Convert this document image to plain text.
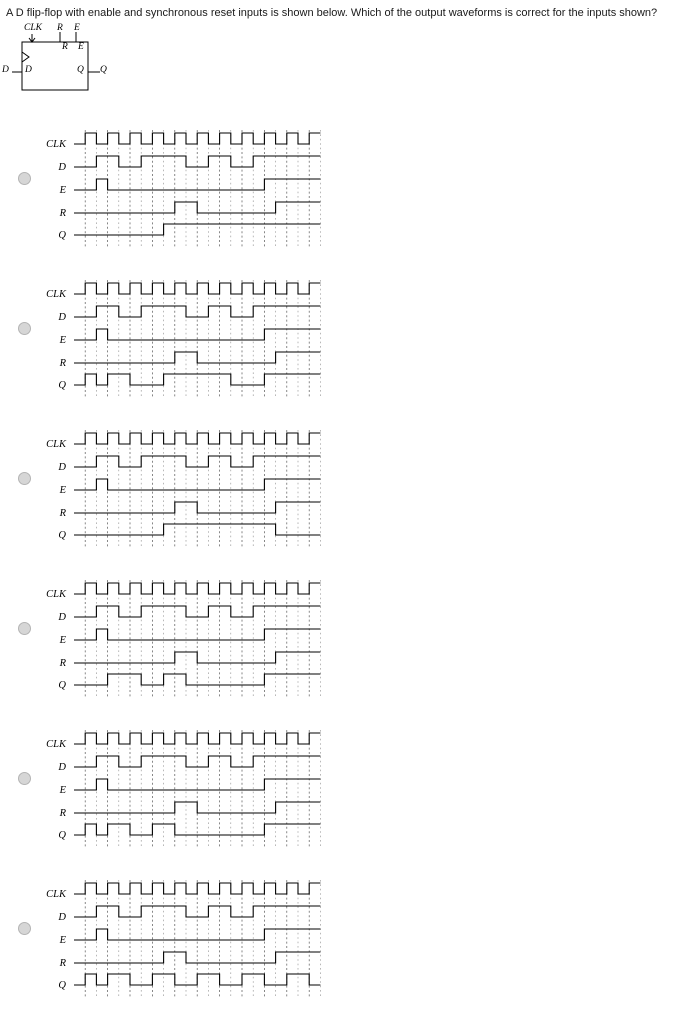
A D flip-flop with enable and synchronous reset inputs is shown below. Which of the output waveforms is correct for the inputs shown?
CLK R E
R E
D D	Q Q
CLK
D
E
R
Q
CLK
D
E
R
Q
CLK
D
E
R
Q
CLK
D
E
R
Q
CLK
D
E
R
Q
CLK
D
E
R
Q
